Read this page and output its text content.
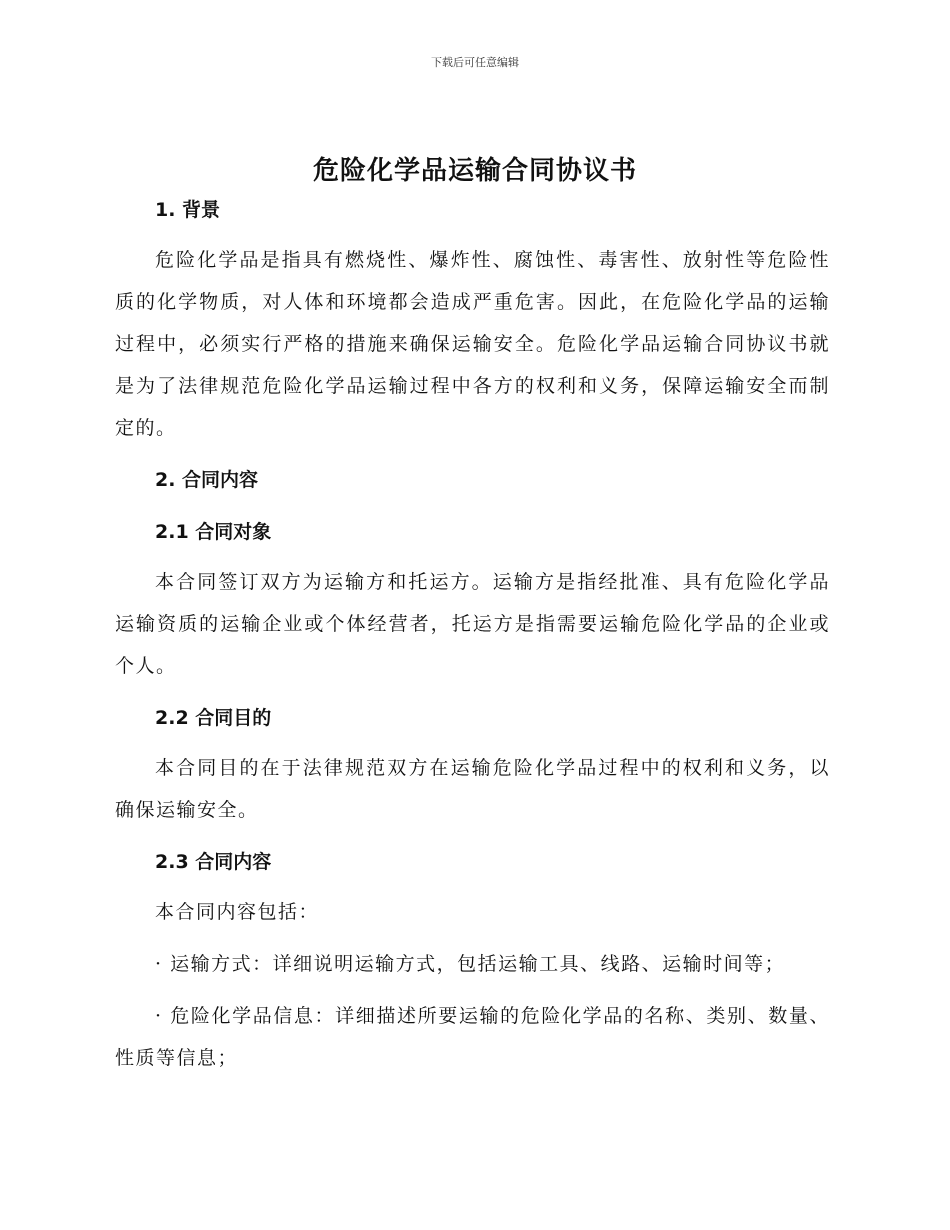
下载后可任意编辑
危险化学品运输合同协议书

1. 背景

危险化学品是指具有燃烧性、爆炸性、腐蚀性、毒害性、放射性等危险性质的化学物质，对人体和环境都会造成严重危害。因此，在危险化学品的运输过程中，必须实行严格的措施来确保运输安全。危险化学品运输合同协议书就是为了法律规范危险化学品运输过程中各方的权利和义务，保障运输安全而制定的。

2. 合同内容

2.1 合同对象

本合同签订双方为运输方和托运方。运输方是指经批准、具有危险化学品运输资质的运输企业或个体经营者，托运方是指需要运输危险化学品的企业或个人。

2.2 合同目的

本合同目的在于法律规范双方在运输危险化学品过程中的权利和义务，以确保运输安全。

2.3 合同内容

本合同内容包括：

· 运输方式：详细说明运输方式，包括运输工具、线路、运输时间等；

· 危险化学品信息：详细描述所要运输的危险化学品的名称、类别、数量、性质等信息；
